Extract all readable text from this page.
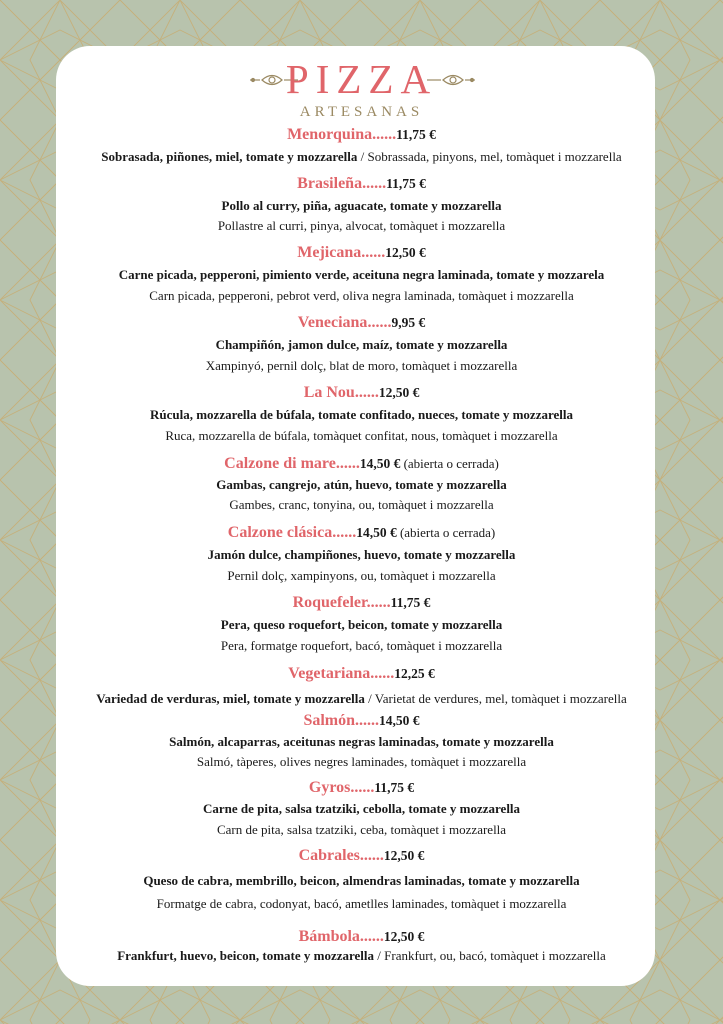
PIZZA
ARTESANAS
Menorquina......11,75 €
Sobrasada, piñones, miel, tomate y mozzarella / Sobrassada, pinyons, mel, tomàquet i mozzarella
Brasileña......11,75 €
Pollo al curry, piña, aguacate, tomate y mozzarella
Pollastre al curri, pinya, alvocat, tomàquet i mozzarella
Mejicana......12,50 €
Carne picada, pepperoni, pimiento verde, aceituna negra laminada, tomate y mozzarela
Carn picada, pepperoni, pebrot verd, oliva negra laminada, tomàquet i mozzarella
Veneciana......9,95 €
Champiñón, jamon dulce, maíz, tomate y mozzarella
Xampinyó, pernil dolç, blat de moro, tomàquet i mozzarella
La Nou......12,50 €
Rúcula, mozzarella de búfala, tomate confitado, nueces, tomate y mozzarella
Ruca, mozzarella de búfala, tomàquet confitat, nous, tomàquet i mozzarella
Calzone di mare......14,50 € (abierta o cerrada)
Gambas, cangrejo, atún, huevo, tomate y mozzarella
Gambes, cranc, tonyina, ou, tomàquet i mozzarella
Calzone clásica......14,50 € (abierta o cerrada)
Jamón dulce, champiñones, huevo, tomate y mozzarella
Pernil dolç, xampinyons, ou, tomàquet i mozzarella
Roquefeler......11,75 €
Pera, queso roquefort, beicon, tomate y mozzarella
Pera, formatge roquefort, bacó, tomàquet i mozzarella
Vegetariana......12,25 €
Variedad de verduras, miel, tomate y mozzarella / Varietat de verdures, mel, tomàquet i mozzarella
Salmón......14,50 €
Salmón, alcaparras, aceitunas negras laminadas, tomate y mozzarella
Salmó, tàperes, olives negres laminades, tomàquet i mozzarella
Gyros......11,75 €
Carne de pita, salsa tzatziki, cebolla, tomate y mozzarella
Carn de pita, salsa tzatziki, ceba, tomàquet i mozzarella
Cabrales......12,50 €
Queso de cabra, membrillo, beicon, almendras laminadas, tomate y mozzarella
Formatge de cabra, codonyat, bacó, ametlles laminades, tomàquet i mozzarella
Bámbola......12,50 €
Frankfurt, huevo, beicon, tomate y mozzarella / Frankfurt, ou, bacó, tomàquet i mozzarella
